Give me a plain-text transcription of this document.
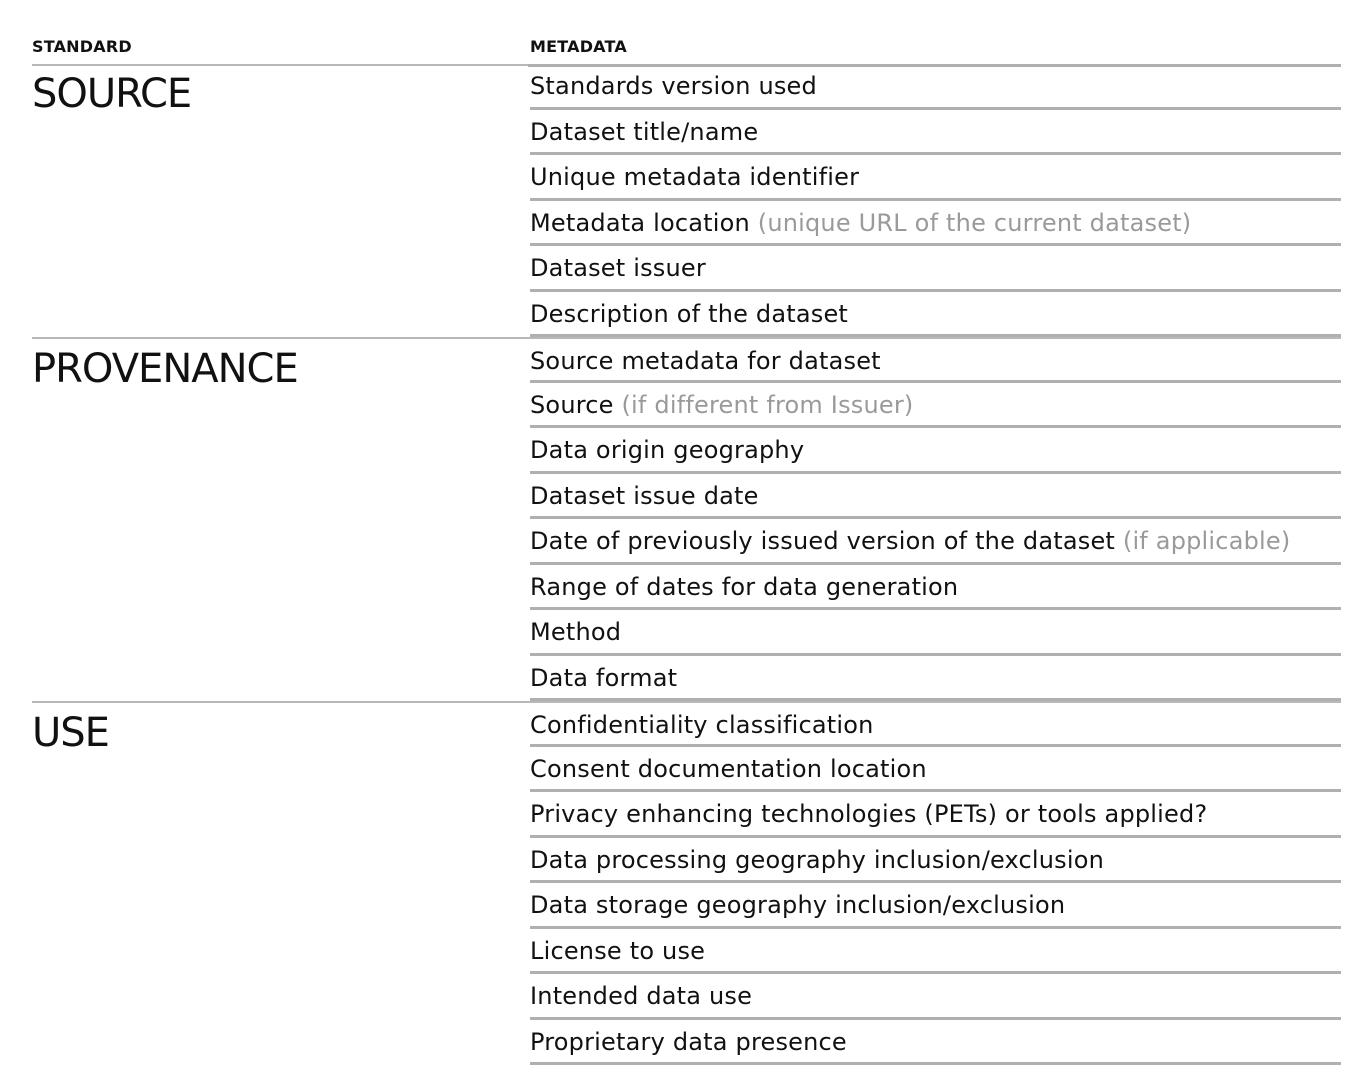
STANDARD	METADATA
SOURCE	Standards version used
Dataset title/name
Unique metadata identifier
Metadata location (unique URL of the current dataset)
Dataset issuer
Description of the dataset
PROVENANCE	Source metadata for dataset
Source (if different from Issuer)
Data origin geography
Dataset issue date
Date of previously issued version of the dataset (if applicable)
Range of dates for data generation
Method
Data format
USE	Confidentiality classification
Consent documentation location
Privacy enhancing technologies (PETs) or tools applied?
Data processing geography inclusion/exclusion
Data storage geography inclusion/exclusion
License to use
Intended data use
Proprietary data presence
